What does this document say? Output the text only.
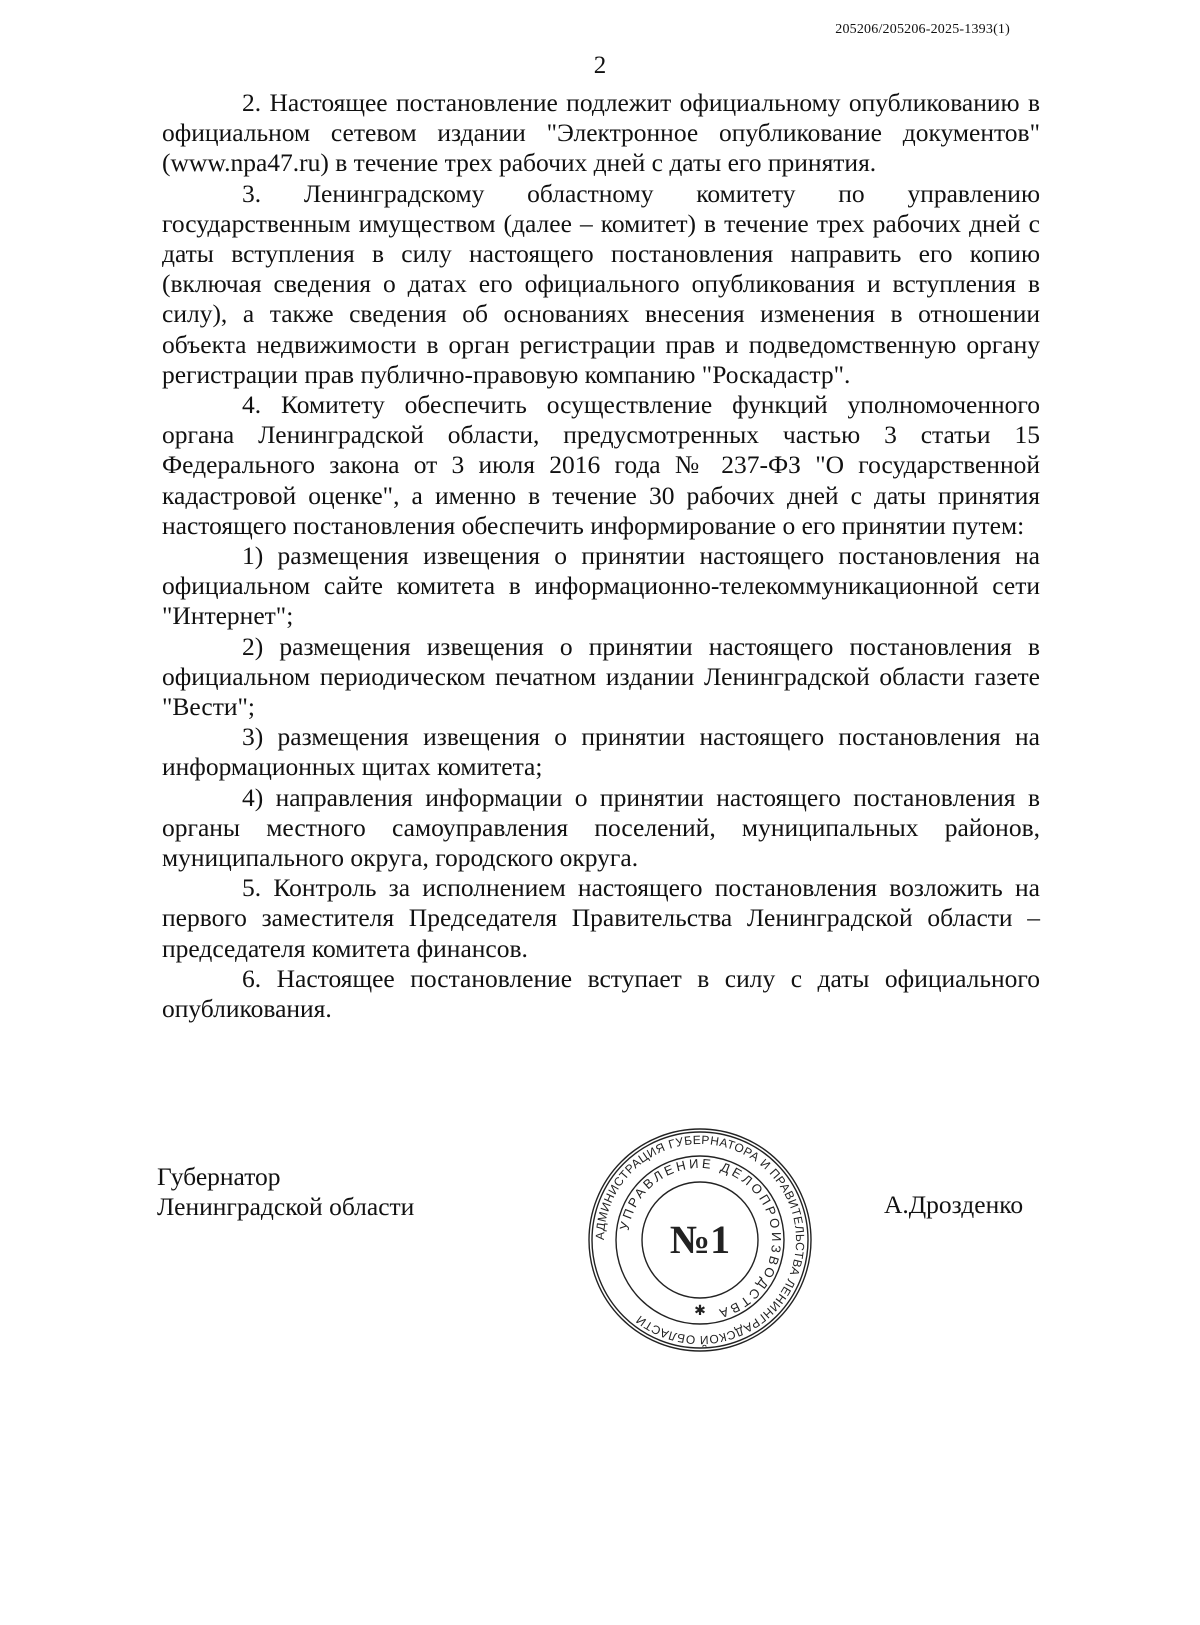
205206/205206-2025-1393(1)
2

2. Настоящее постановление подлежит официальному опубликованию в официальном сетевом издании "Электронное опубликование документов" (www.npa47.ru) в течение трех рабочих дней с даты его принятия.

3. Ленинградскому областному комитету по управлению государственным имуществом (далее – комитет) в течение трех рабочих дней с даты вступления в силу настоящего постановления направить его копию (включая сведения о датах его официального опубликования и вступления в силу), а также сведения об основаниях внесения изменения в отношении объекта недвижимости в орган регистрации прав и подведомственную органу регистрации прав публично-правовую компанию "Роскадастр".

4. Комитету обеспечить осуществление функций уполномоченного органа Ленинградской области, предусмотренных частью 3 статьи 15 Федерального закона от 3 июля 2016 года № 237-ФЗ "О государственной кадастровой оценке", а именно в течение 30 рабочих дней с даты принятия настоящего постановления обеспечить информирование о его принятии путем:

1) размещения извещения о принятии настоящего постановления на официальном сайте комитета в информационно-телекоммуникационной сети "Интернет";

2) размещения извещения о принятии настоящего постановления в официальном периодическом печатном издании Ленинградской области газете "Вести";

3) размещения извещения о принятии настоящего постановления на информационных щитах комитета;

4) направления информации о принятии настоящего постановления в органы местного самоуправления поселений, муниципальных районов, муниципального округа, городского округа.

5. Контроль за исполнением настоящего постановления возложить на первого заместителя Председателя Правительства Ленинградской области – председателя комитета финансов.

6. Настоящее постановление вступает в силу с даты официального опубликования.

Губернатор
Ленинградской области	А.Дрозденко
АДМИНИСТРАЦИЯ ГУБЕРНАТОРА И ПРАВИТЕЛЬСТВА ЛЕНИНГРАДСКОЙ ОБЛАСТИ
УПРАВЛЕНИЕ ДЕЛОПРОИЗВОДСТВА
№1
✱
